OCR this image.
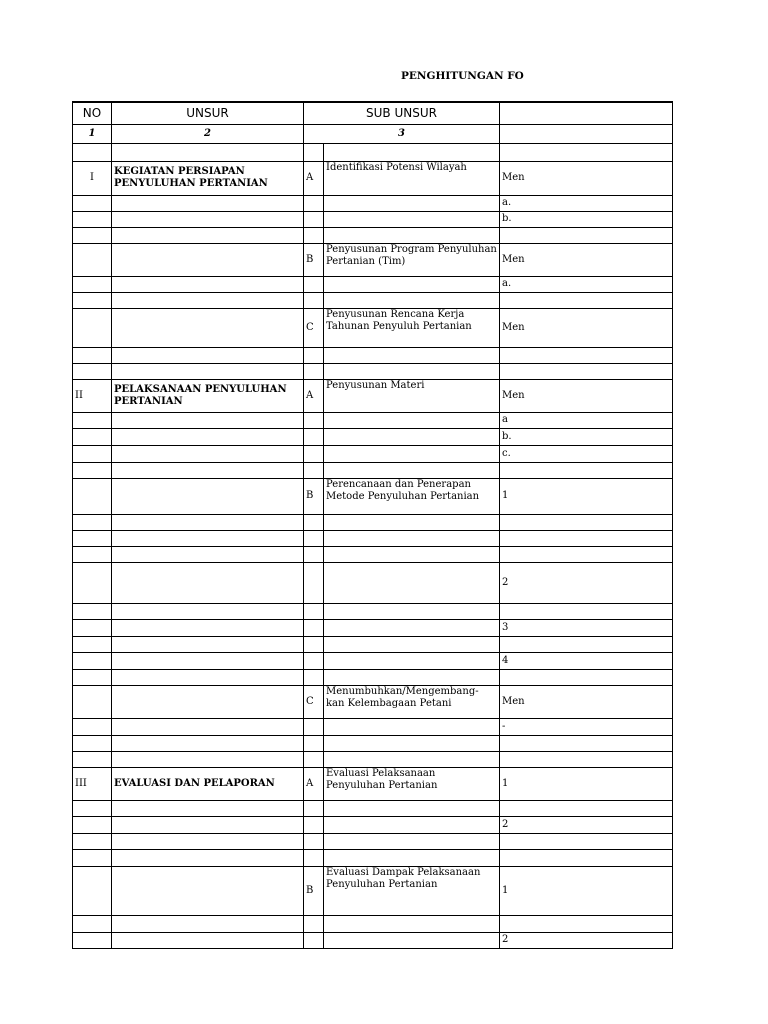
PENGHITUNGAN FO
NO	UNSUR	SUB UNSUR		
1	2	3		

I	KEGIATAN PERSIAPAN PENYULUHAN PERTANIAN	A	Identifikasi Potensi Wilayah	Men
				a.
				b.

		B	Penyusunan Program Penyuluhan Pertanian (Tim)	Men
				a.

		C	Penyusunan Rencana Kerja Tahunan Penyuluh Pertanian	Men

II	PELAKSANAAN PENYULUHAN PERTANIAN	A	Penyusunan Materi	Men
				a
				b.
				c.

		B	Perencanaan dan Penerapan Metode Penyuluhan Pertanian	1

				2

				3

				4

		C	Menumbuhkan/Mengembang-kan Kelembagaan Petani	Men
				-

III	EVALUASI DAN PELAPORAN	A	Evaluasi Pelaksanaan Penyuluhan Pertanian	1

				2

		B	Evaluasi Dampak Pelaksanaan Penyuluhan Pertanian	1

				2
